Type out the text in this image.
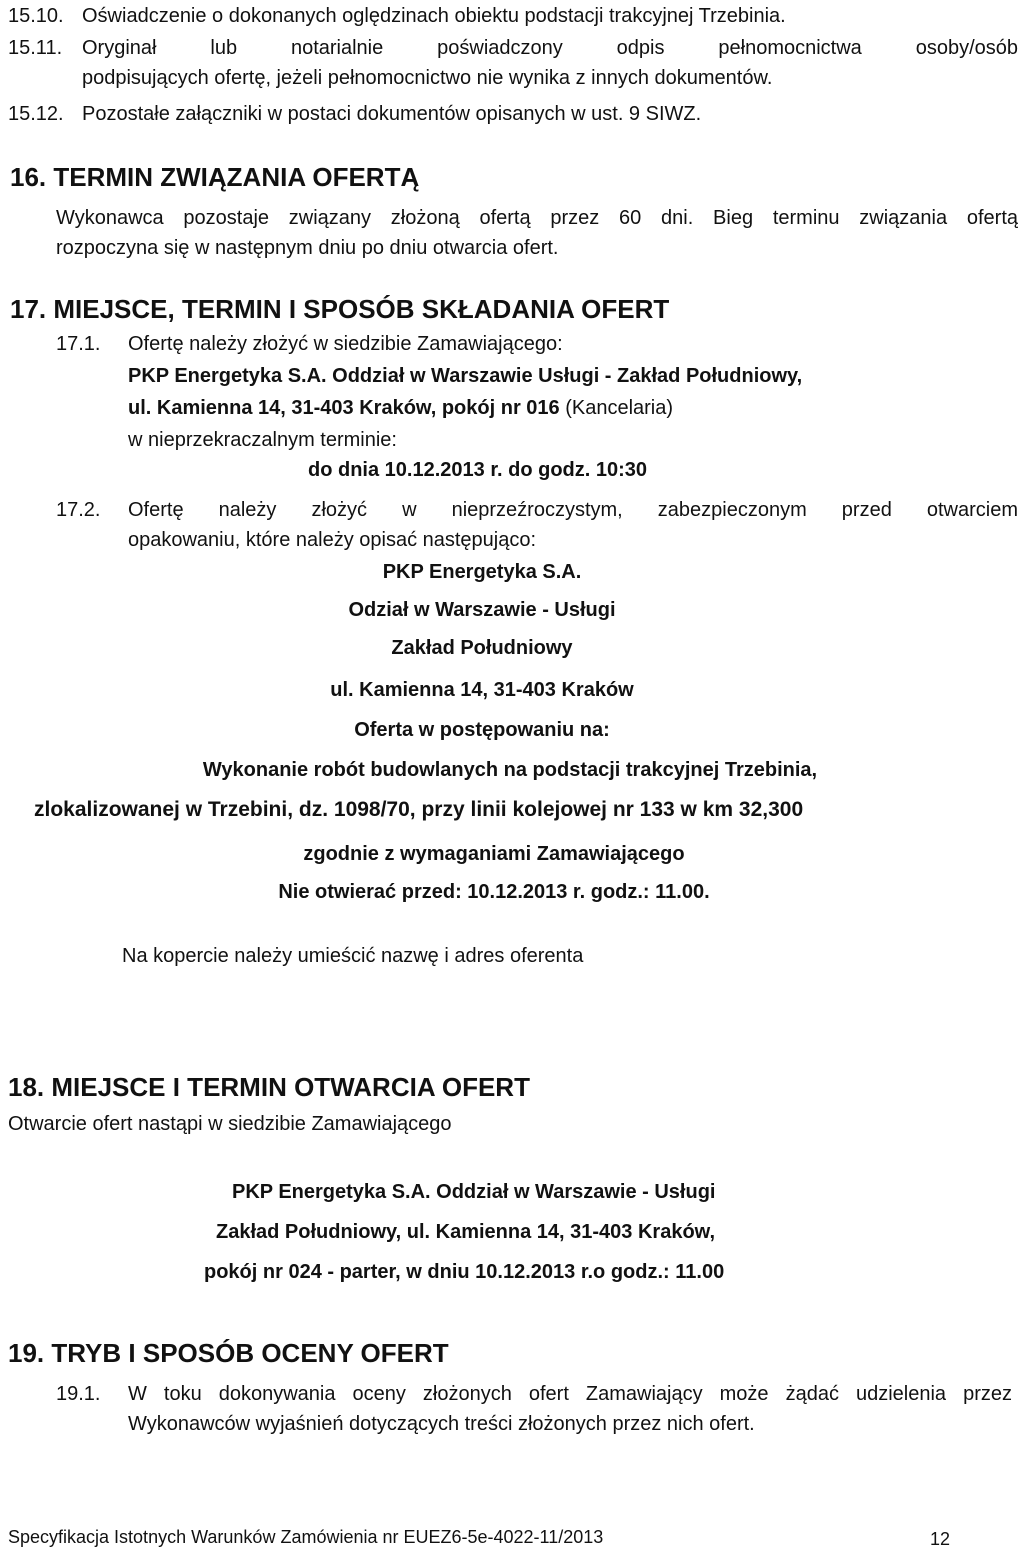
15.10. Oświadczenie o dokonanych oględzinach obiektu podstacji trakcyjnej Trzebinia.
15.11. Oryginał lub notarialnie poświadczony odpis pełnomocnictwa osoby/osób
podpisujących ofertę, jeżeli pełnomocnictwo nie wynika z innych dokumentów.
15.12. Pozostałe załączniki w postaci dokumentów opisanych w ust. 9 SIWZ.
16. TERMIN ZWIĄZANIA OFERTĄ
Wykonawca pozostaje związany złożoną ofertą przez 60 dni. Bieg terminu związania ofertą
rozpoczyna się w następnym dniu po dniu otwarcia ofert.
17. MIEJSCE, TERMIN I SPOSÓB SKŁADANIA OFERT
17.1. Ofertę należy złożyć w siedzibie Zamawiającego:
PKP Energetyka S.A. Oddział w Warszawie Usługi - Zakład Południowy,
ul. Kamienna 14, 31-403 Kraków, pokój nr 016 (Kancelaria)
w nieprzekraczalnym terminie:
do dnia 10.12.2013 r. do godz. 10:30
17.2. Ofertę należy złożyć w nieprzeźroczystym, zabezpieczonym przed otwarciem
opakowaniu, które należy opisać następująco:
PKP Energetyka S.A.
Odział w Warszawie - Usługi
Zakład Południowy
ul. Kamienna 14, 31-403 Kraków
Oferta w postępowaniu na:
Wykonanie robót budowlanych na podstacji trakcyjnej Trzebinia,
zlokalizowanej w Trzebini, dz. 1098/70, przy linii kolejowej nr 133 w km 32,300
zgodnie z wymaganiami Zamawiającego
Nie otwierać przed: 10.12.2013 r. godz.: 11.00.
Na kopercie należy umieścić nazwę i adres oferenta
18. MIEJSCE I TERMIN OTWARCIA OFERT
Otwarcie ofert nastąpi w siedzibie Zamawiającego
PKP Energetyka S.A. Oddział w Warszawie - Usługi
Zakład Południowy, ul. Kamienna 14, 31-403 Kraków,
pokój nr 024 - parter, w dniu 10.12.2013 r.o godz.: 11.00
19. TRYB I SPOSÓB OCENY OFERT
19.1. W toku dokonywania oceny złożonych ofert Zamawiający może żądać udzielenia przez
Wykonawców wyjaśnień dotyczących treści złożonych przez nich ofert.
Specyfikacja Istotnych Warunków Zamówienia nr EUEZ6-5e-4022-11/2013	12
